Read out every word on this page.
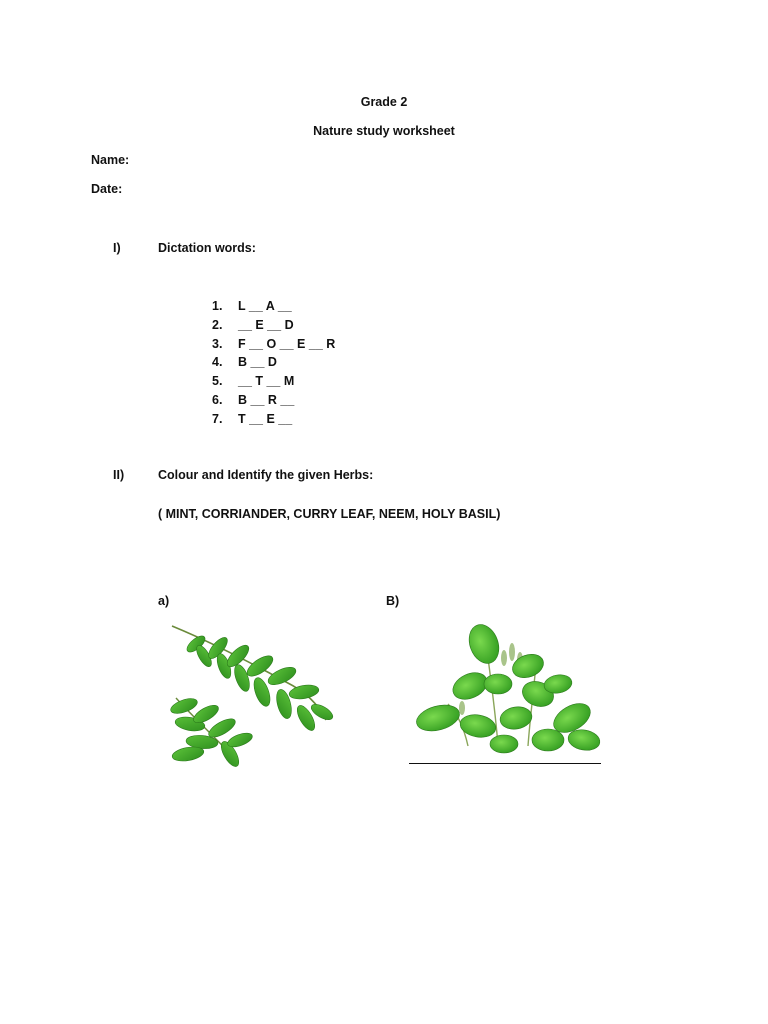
Grade 2
Nature study worksheet
Name:
Date:
I)	Dictation words:
1. L __ A __
2. __ E __ D
3. F __ O __ E __ R
4. B __ D
5. __ T __ M
6. B __ R __
7. T __ E __
II)	Colour and Identify the given Herbs:
( MINT, CORRIANDER, CURRY LEAF, NEEM, HOLY BASIL)
a)	B)
